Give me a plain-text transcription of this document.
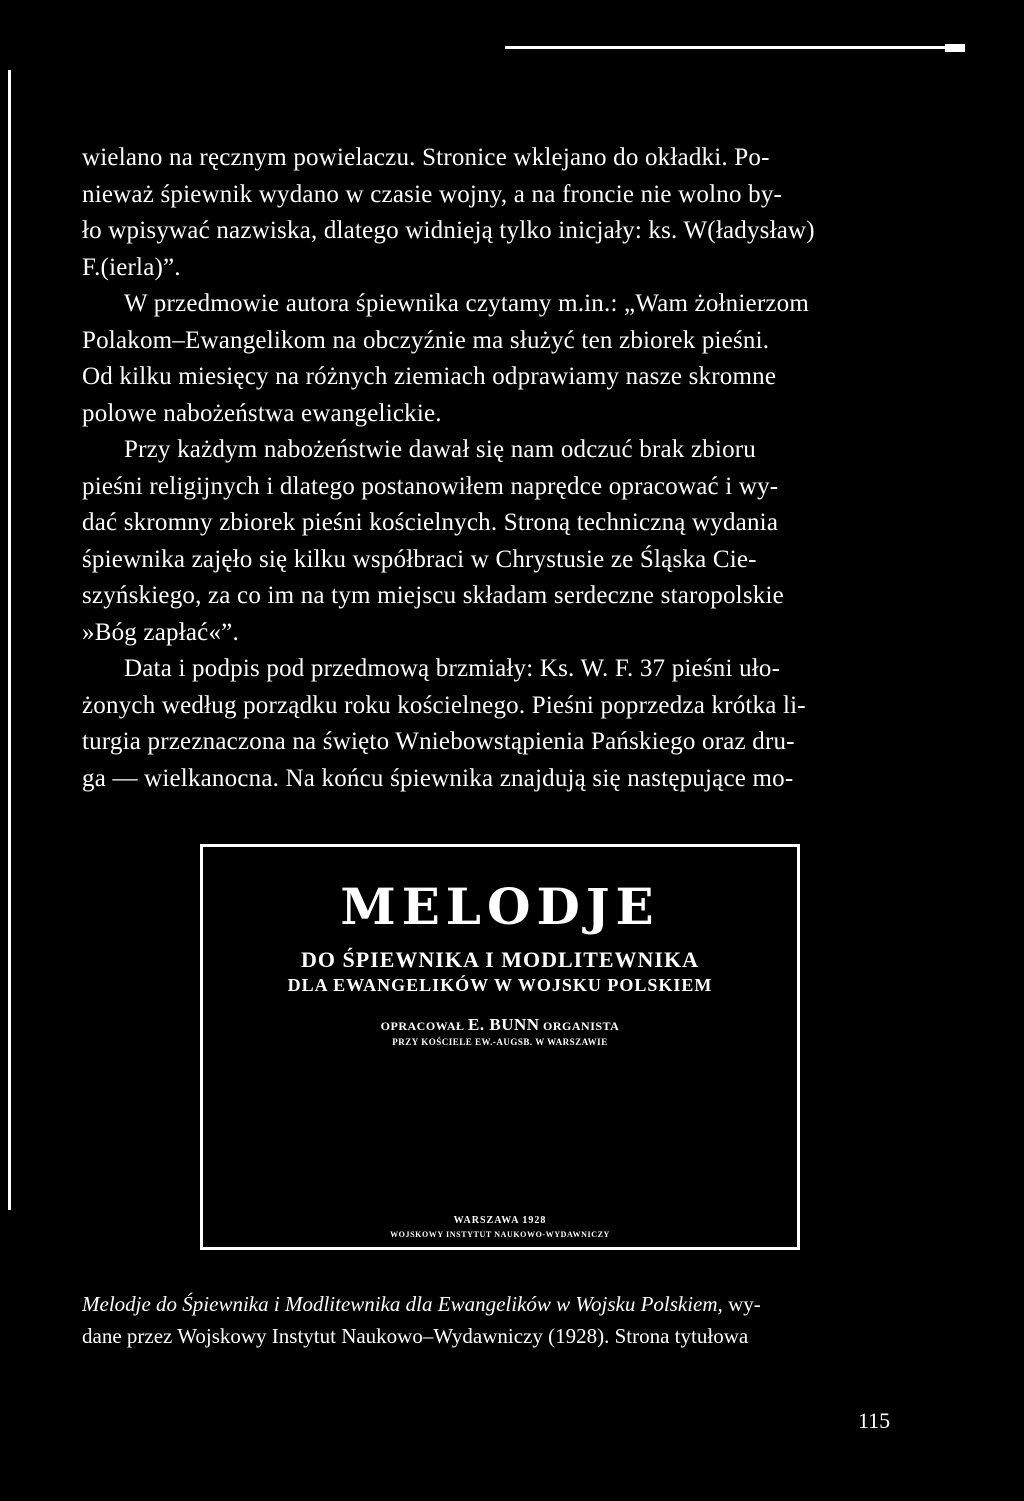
wielano na ręcznym powielaczu. Stronice wklejano do okładki. Po-
nieważ śpiewnik wydano w czasie wojny, a na froncie nie wolno by-
ło wpisywać nazwiska, dlatego widnieją tylko inicjały: ks. W(ładysław)
F.(ierla)”.

W przedmowie autora śpiewnika czytamy m.in.: „Wam żołnierzom
Polakom–Ewangelikom na obczyźnie ma służyć ten zbiorek pieśni.
Od kilku miesięcy na różnych ziemiach odprawiamy nasze skromne
polowe nabożeństwa ewangelickie.

Przy każdym nabożeństwie dawał się nam odczuć brak zbioru
pieśni religijnych i dlatego postanowiłem naprędce opracować i wy-
dać skromny zbiorek pieśni kościelnych. Stroną techniczną wydania
śpiewnika zajęło się kilku współbraci w Chrystusie ze Śląska Cie-
szyńskiego, za co im na tym miejscu składam serdeczne staropolskie
»Bóg zapłać«”.

Data i podpis pod przedmową brzmiały: Ks. W. F. 37 pieśni uło-
żonych według porządku roku kościelnego. Pieśni poprzedza krótka li-
turgia przeznaczona na święto Wniebowstąpienia Pańskiego oraz dru-
ga — wielkanocna. Na końcu śpiewnika znajdują się następujące mo-

MELODJE
DO ŚPIEWNIKA I MODLITEWNIKA
DLA EWANGELIKÓW W WOJSKU POLSKIEM
OPRACOWAŁ E. BUNN ORGANISTA
PRZY KOŚCIELE EW.-AUGSB. W WARSZAWIE
WARSZAWA 1928
WOJSKOWY INSTYTUT NAUKOWO-WYDAWNICZY
Melodje do Śpiewnika i Modlitewnika dla Ewangelików w Wojsku Polskiem, wy-
dane przez Wojskowy Instytut Naukowo–Wydawniczy (1928). Strona tytułowa
115
